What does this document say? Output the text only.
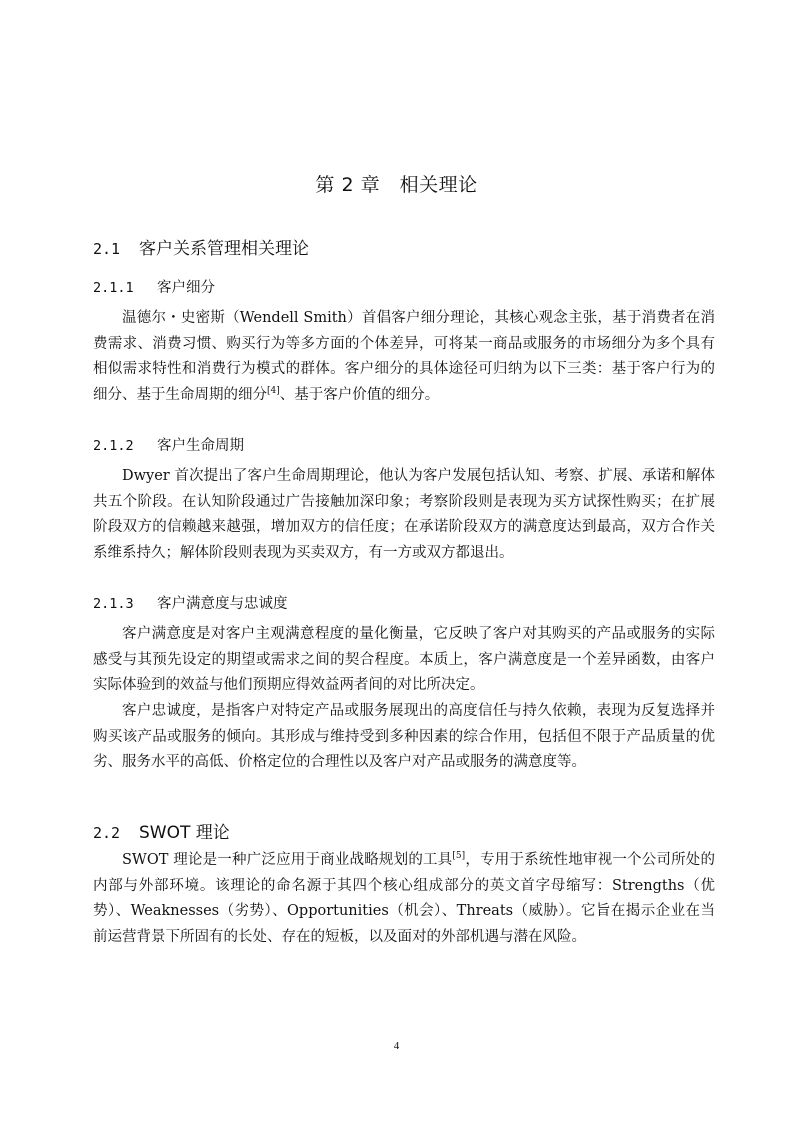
第 2 章　相关理论
2.1 客户关系管理相关理论
2.1.1 客户细分

温德尔・史密斯（Wendell Smith）首倡客户细分理论，其核心观念主张，基于消费者在消费需求、消费习惯、购买行为等多方面的个体差异，可将某一商品或服务的市场细分为多个具有相似需求特性和消费行为模式的群体。客户细分的具体途径可归纳为以下三类：基于客户行为的细分、基于生命周期的细分[4]、基于客户价值的细分。

2.1.2 客户生命周期

Dwyer 首次提出了客户生命周期理论，他认为客户发展包括认知、考察、扩展、承诺和解体共五个阶段。在认知阶段通过广告接触加深印象；考察阶段则是表现为买方试探性购买；在扩展阶段双方的信赖越来越强，增加双方的信任度；在承诺阶段双方的满意度达到最高，双方合作关系维系持久；解体阶段则表现为买卖双方，有一方或双方都退出。

2.1.3 客户满意度与忠诚度

客户满意度是对客户主观满意程度的量化衡量，它反映了客户对其购买的产品或服务的实际感受与其预先设定的期望或需求之间的契合程度。本质上，客户满意度是一个差异函数，由客户实际体验到的效益与他们预期应得效益两者间的对比所决定。

客户忠诚度，是指客户对特定产品或服务展现出的高度信任与持久依赖，表现为反复选择并购买该产品或服务的倾向。其形成与维持受到多种因素的综合作用，包括但不限于产品质量的优劣、服务水平的高低、价格定位的合理性以及客户对产品或服务的满意度等。

2.2 SWOT 理论

SWOT 理论是一种广泛应用于商业战略规划的工具[5]，专用于系统性地审视一个公司所处的内部与外部环境。该理论的命名源于其四个核心组成部分的英文首字母缩写：Strengths（优势）、Weaknesses（劣势）、Opportunities（机会）、Threats（威胁）。它旨在揭示企业在当前运营背景下所固有的长处、存在的短板，以及面对的外部机遇与潜在风险。

4
